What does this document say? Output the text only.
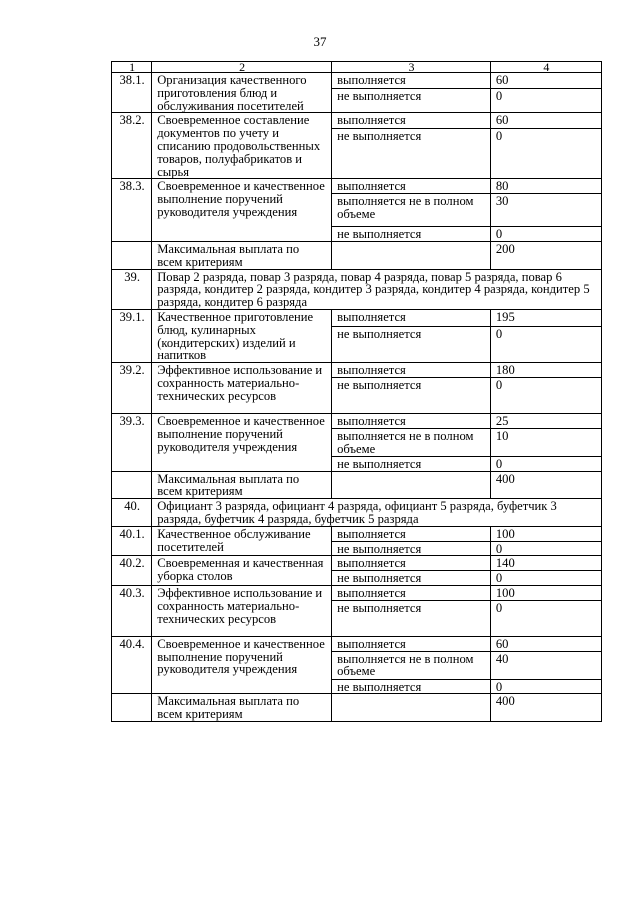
37
1	2	3	4
38.1.	Организация качественного приготовления блюд и обслуживания посетителей	выполняется	60
		не выполняется	0
38.2.	Своевременное составление документов по учету и списанию продовольственных товаров, полуфабрикатов и сырья	выполняется	60
		не выполняется	0
38.3.	Своевременное и качественное выполнение поручений руководителя учреждения	выполняется	80
		выполняется не в полном объеме	30
		не выполняется	0
	Максимальная выплата по всем критериям		200
39.	Повар 2 разряда, повар 3 разряда, повар 4 разряда, повар 5 разряда, повар 6 разряда, кондитер 2 разряда, кондитер 3 разряда, кондитер 4 разряда, кондитер 5 разряда, кондитер 6 разряда		
39.1.	Качественное приготовление блюд, кулинарных (кондитерских) изделий и напитков	выполняется	195
		не выполняется	0
39.2.	Эффективное использование и сохранность материально-технических ресурсов	выполняется	180
		не выполняется	0
39.3.	Своевременное и качественное выполнение поручений руководителя учреждения	выполняется	25
		выполняется не в полном объеме	10
		не выполняется	0
	Максимальная выплата по всем критериям		400
40.	Официант 3 разряда, официант 4 разряда, официант 5 разряда, буфетчик 3 разряда, буфетчик 4 разряда, буфетчик 5 разряда		
40.1.	Качественное обслуживание посетителей	выполняется	100
		не выполняется	0
40.2.	Своевременная и качественная уборка столов	выполняется	140
		не выполняется	0
40.3.	Эффективное использование и сохранность материально-технических ресурсов	выполняется	100
		не выполняется	0
40.4.	Своевременное и качественное выполнение поручений руководителя учреждения	выполняется	60
		выполняется не в полном объеме	40
		не выполняется	0
	Максимальная выплата по всем критериям		400
